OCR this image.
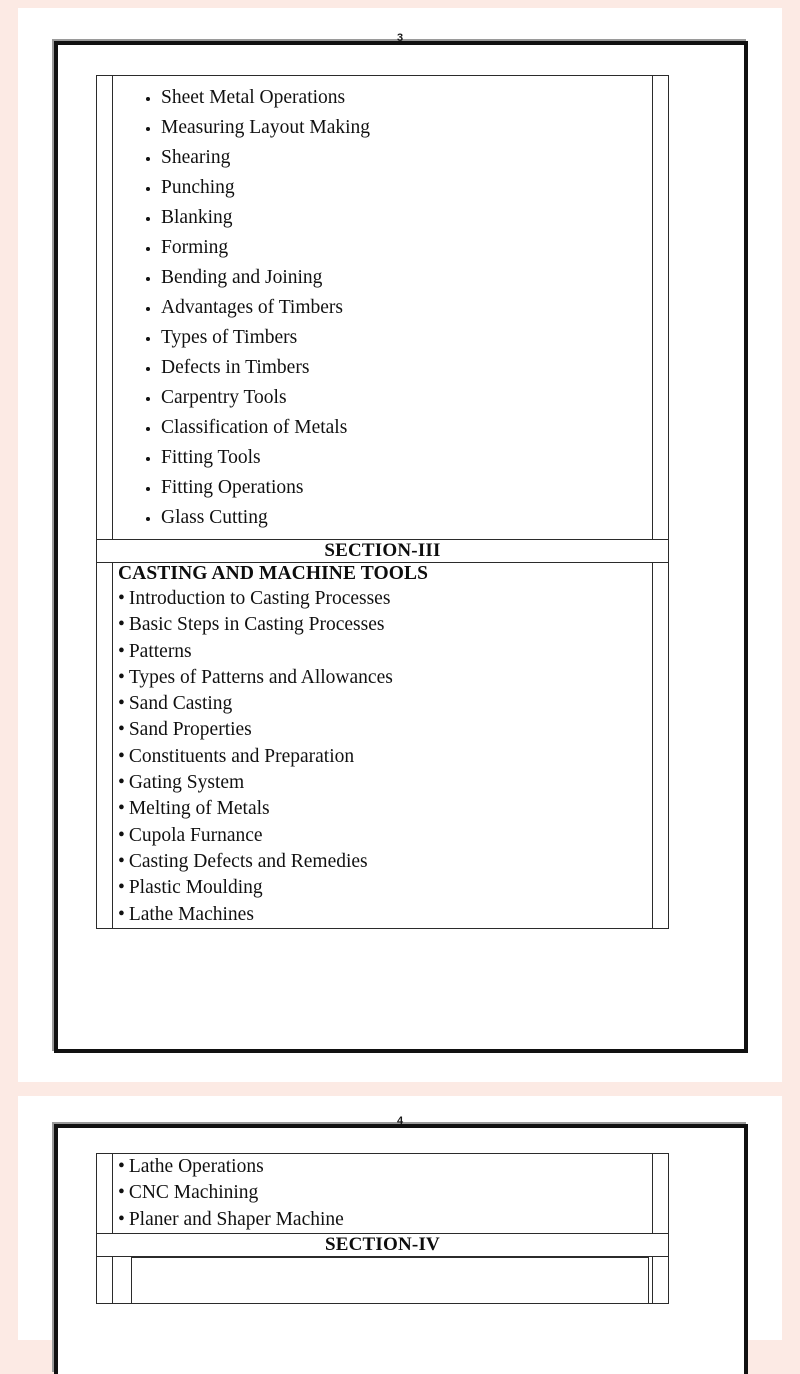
3

• Sheet Metal Operations
• Measuring Layout Making
• Shearing
• Punching
• Blanking
• Forming
• Bending and Joining
• Advantages of Timbers
• Types of Timbers
• Defects in Timbers
• Carpentry Tools
• Classification of Metals
• Fitting Tools
• Fitting Operations
• Glass Cutting

SECTION-III		

CASTING AND MACHINE TOOLS
• Introduction to Casting Processes
• Basic Steps in Casting Processes
• Patterns
• Types of Patterns and Allowances
• Sand Casting
• Sand Properties
• Constituents and Preparation
• Gating System
• Melting of Metals
• Cupola Furnance
• Casting Defects and Remedies
• Plastic Moulding
• Lathe Machines

4

• Lathe Operations
• CNC Machining
• Planer and Shaper Machine

SECTION-IV		
